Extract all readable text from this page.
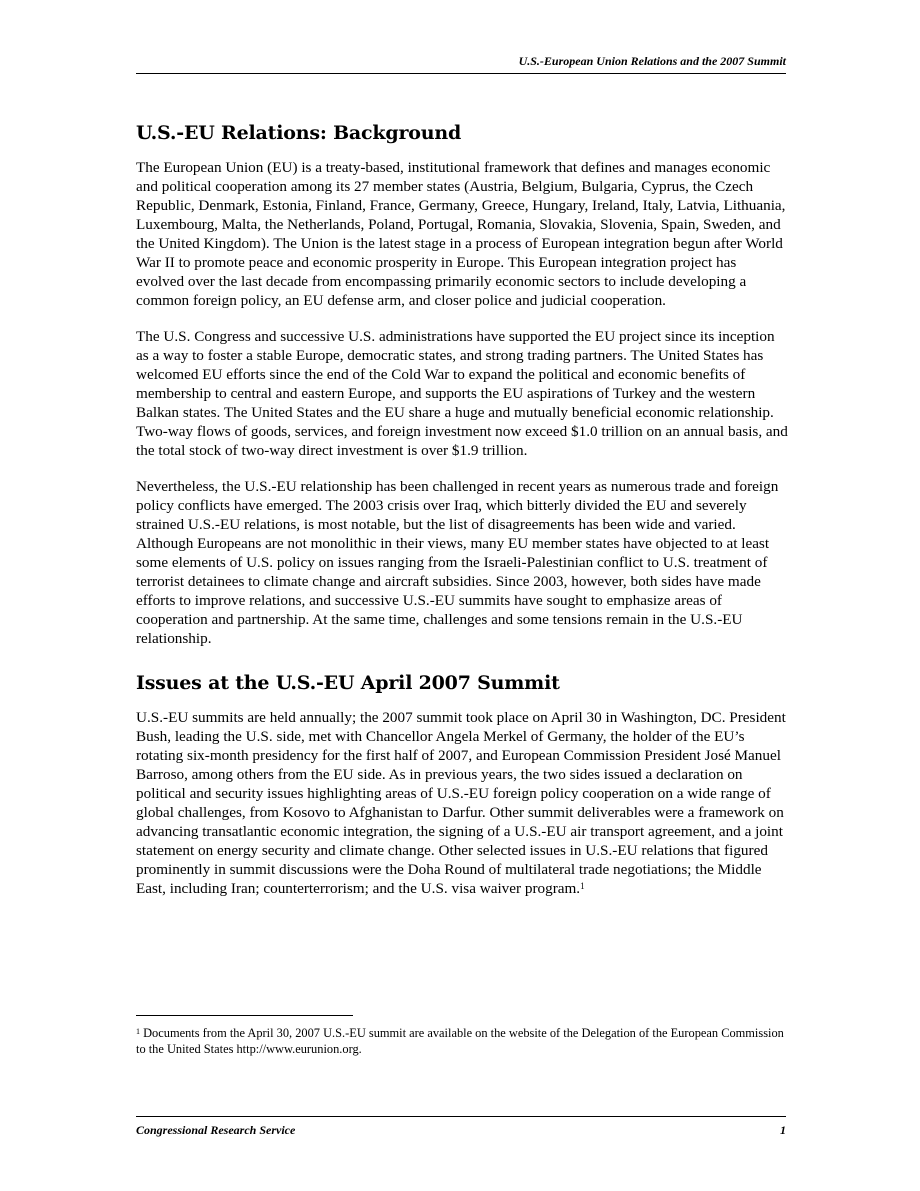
U.S.-European Union Relations and the 2007 Summit
U.S.-EU Relations: Background

The European Union (EU) is a treaty-based, institutional framework that defines and manages economic and political cooperation among its 27 member states (Austria, Belgium, Bulgaria, Cyprus, the Czech Republic, Denmark, Estonia, Finland, France, Germany, Greece, Hungary, Ireland, Italy, Latvia, Lithuania, Luxembourg, Malta, the Netherlands, Poland, Portugal, Romania, Slovakia, Slovenia, Spain, Sweden, and the United Kingdom). The Union is the latest stage in a process of European integration begun after World War II to promote peace and economic prosperity in Europe. This European integration project has evolved over the last decade from encompassing primarily economic sectors to include developing a common foreign policy, an EU defense arm, and closer police and judicial cooperation.

The U.S. Congress and successive U.S. administrations have supported the EU project since its inception as a way to foster a stable Europe, democratic states, and strong trading partners. The United States has welcomed EU efforts since the end of the Cold War to expand the political and economic benefits of membership to central and eastern Europe, and supports the EU aspirations of Turkey and the western Balkan states. The United States and the EU share a huge and mutually beneficial economic relationship. Two-way flows of goods, services, and foreign investment now exceed $1.0 trillion on an annual basis, and the total stock of two-way direct investment is over $1.9 trillion.

Nevertheless, the U.S.-EU relationship has been challenged in recent years as numerous trade and foreign policy conflicts have emerged. The 2003 crisis over Iraq, which bitterly divided the EU and severely strained U.S.-EU relations, is most notable, but the list of disagreements has been wide and varied. Although Europeans are not monolithic in their views, many EU member states have objected to at least some elements of U.S. policy on issues ranging from the Israeli-Palestinian conflict to U.S. treatment of terrorist detainees to climate change and aircraft subsidies. Since 2003, however, both sides have made efforts to improve relations, and successive U.S.-EU summits have sought to emphasize areas of cooperation and partnership. At the same time, challenges and some tensions remain in the U.S.-EU relationship.

Issues at the U.S.-EU April 2007 Summit

U.S.-EU summits are held annually; the 2007 summit took place on April 30 in Washington, DC. President Bush, leading the U.S. side, met with Chancellor Angela Merkel of Germany, the holder of the EU’s rotating six-month presidency for the first half of 2007, and European Commission President José Manuel Barroso, among others from the EU side. As in previous years, the two sides issued a declaration on political and security issues highlighting areas of U.S.-EU foreign policy cooperation on a wide range of global challenges, from Kosovo to Afghanistan to Darfur. Other summit deliverables were a framework on advancing transatlantic economic integration, the signing of a U.S.-EU air transport agreement, and a joint statement on energy security and climate change. Other selected issues in U.S.-EU relations that figured prominently in summit discussions were the Doha Round of multilateral trade negotiations; the Middle East, including Iran; counterterrorism; and the U.S. visa waiver program.$^1$

$^1$ Documents from the April 30, 2007 U.S.-EU summit are available on the website of the Delegation of the European Commission to the United States http://www.eurunion.org.
Congressional Research Service	1
